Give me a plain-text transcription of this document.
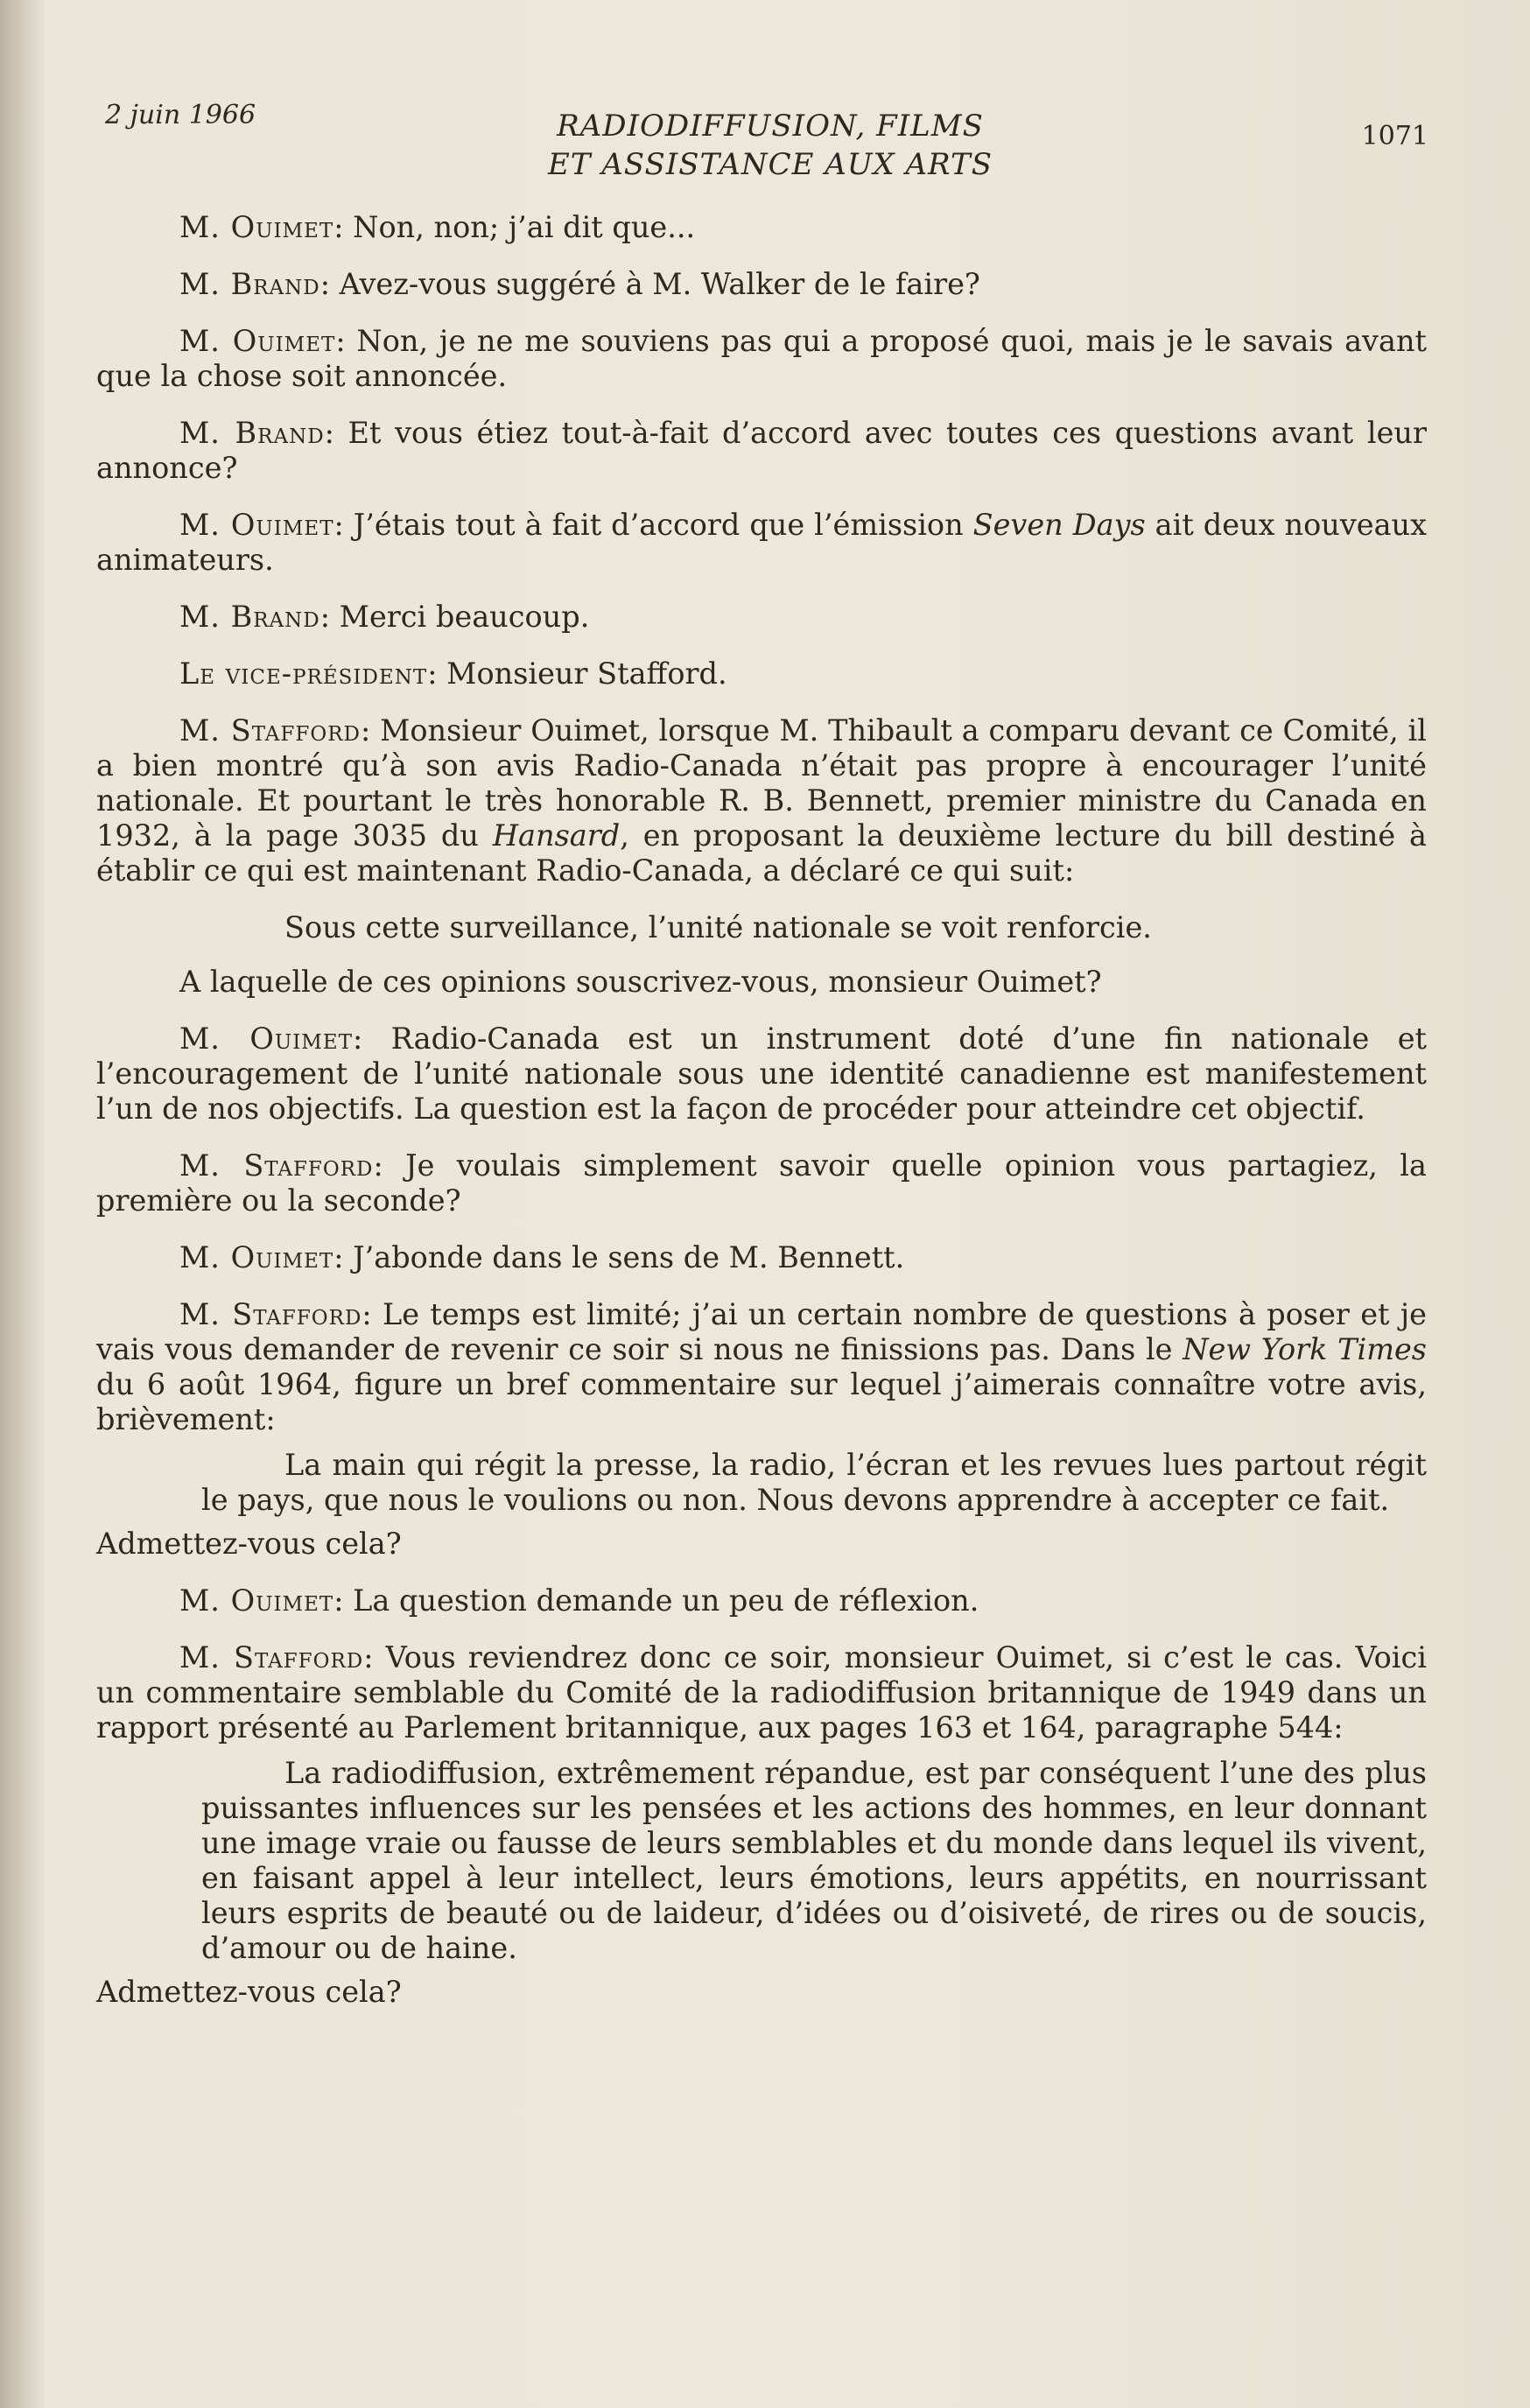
2 juin 1966	RADIODIFFUSION, FILMS
ET ASSISTANCE AUX ARTS
1071

M. Ouimet: Non, non; j’ai dit que...

M. Brand: Avez-vous suggéré à M. Walker de le faire?

M. Ouimet: Non, je ne me souviens pas qui a proposé quoi, mais je le savais avant que la chose soit annoncée.

M. Brand: Et vous étiez tout-à-fait d’accord avec toutes ces questions avant leur annonce?

M. Ouimet: J’étais tout à fait d’accord que l’émission Seven Days ait deux nouveaux animateurs.

M. Brand: Merci beaucoup.

Le vice-président: Monsieur Stafford.

M. Stafford: Monsieur Ouimet, lorsque M. Thibault a comparu devant ce Comité, il a bien montré qu’à son avis Radio-Canada n’était pas propre à encourager l’unité nationale. Et pourtant le très honorable R. B. Bennett, premier ministre du Canada en 1932, à la page 3035 du Hansard, en proposant la deuxième lecture du bill destiné à établir ce qui est maintenant Radio-Canada, a déclaré ce qui suit:

Sous cette surveillance, l’unité nationale se voit renforcie.

A laquelle de ces opinions souscrivez-vous, monsieur Ouimet?

M. Ouimet: Radio-Canada est un instrument doté d’une fin nationale et l’encouragement de l’unité nationale sous une identité canadienne est manifestement l’un de nos objectifs. La question est la façon de procéder pour atteindre cet objectif.

M. Stafford: Je voulais simplement savoir quelle opinion vous partagiez, la première ou la seconde?

M. Ouimet: J’abonde dans le sens de M. Bennett.

M. Stafford: Le temps est limité; j’ai un certain nombre de questions à poser et je vais vous demander de revenir ce soir si nous ne finissions pas. Dans le New York Times du 6 août 1964, figure un bref commentaire sur lequel j’aimerais connaître votre avis, brièvement:

La main qui régit la presse, la radio, l’écran et les revues lues partout régit le pays, que nous le voulions ou non. Nous devons apprendre à accepter ce fait.

Admettez-vous cela?

M. Ouimet: La question demande un peu de réflexion.

M. Stafford: Vous reviendrez donc ce soir, monsieur Ouimet, si c’est le cas. Voici un commentaire semblable du Comité de la radiodiffusion britannique de 1949 dans un rapport présenté au Parlement britannique, aux pages 163 et 164, paragraphe 544:

La radiodiffusion, extrêmement répandue, est par conséquent l’une des plus puissantes influences sur les pensées et les actions des hommes, en leur donnant une image vraie ou fausse de leurs semblables et du monde dans lequel ils vivent, en faisant appel à leur intellect, leurs émotions, leurs appétits, en nourrissant leurs esprits de beauté ou de laideur, d’idées ou d’oisiveté, de rires ou de soucis, d’amour ou de haine.

Admettez-vous cela?
